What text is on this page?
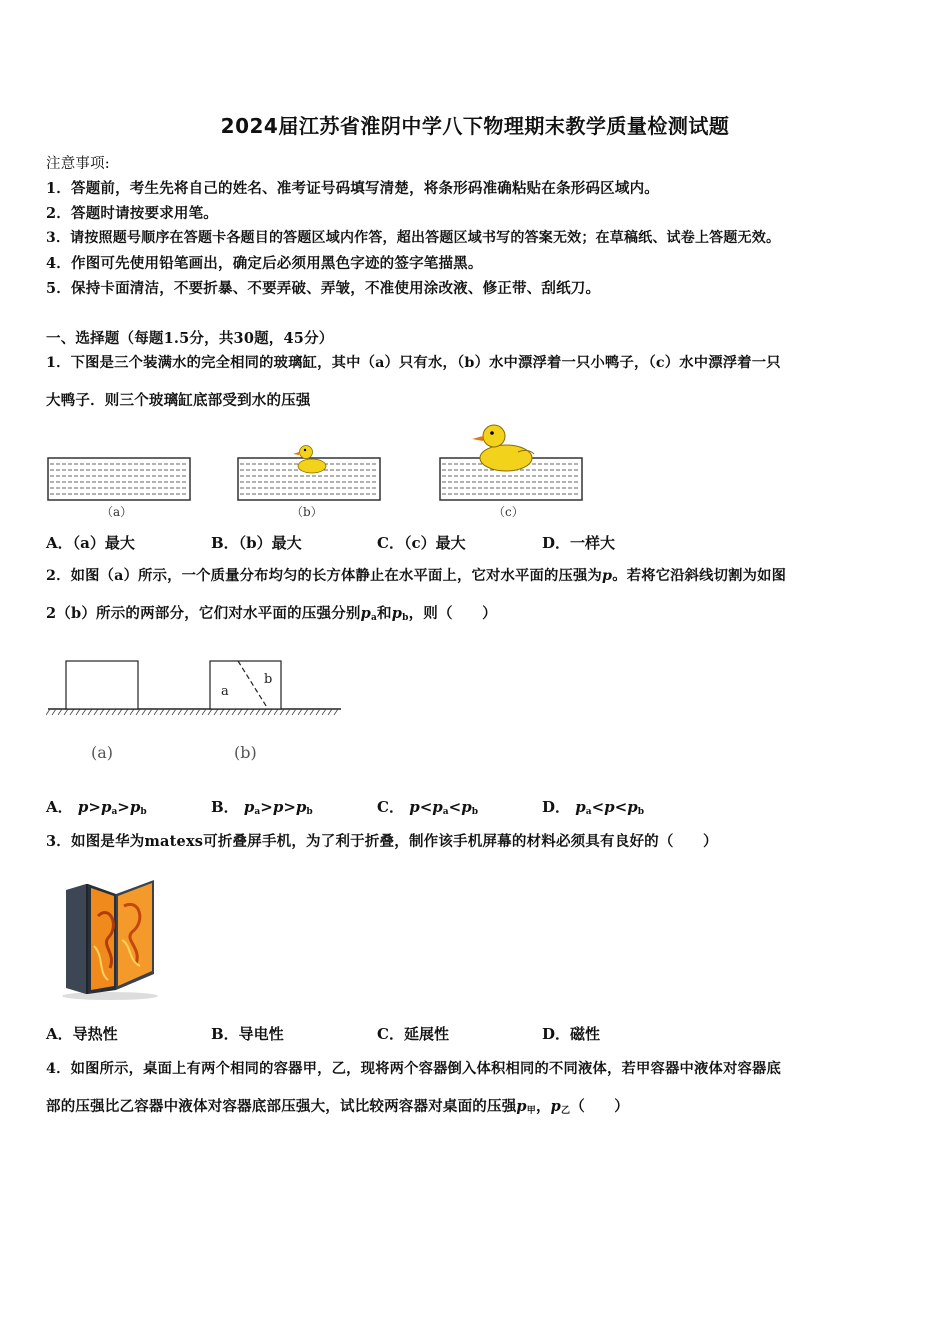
2024届江苏省淮阴中学八下物理期末教学质量检测试题
注意事项:
1．答题前，考生先将自己的姓名、准考证号码填写清楚，将条形码准确粘贴在条形码区域内。
2．答题时请按要求用笔。
3．请按照题号顺序在答题卡各题目的答题区域内作答，超出答题区域书写的答案无效；在草稿纸、试卷上答题无效。
4．作图可先使用铅笔画出，确定后必须用黑色字迹的签字笔描黑。
5．保持卡面清洁，不要折暴、不要弄破、弄皱，不准使用涂改液、修正带、刮纸刀。
一、选择题（每题1.5分，共30题，45分）
1．下图是三个装满水的完全相同的玻璃缸，其中（a）只有水，（b）水中漂浮着一只小鸭子，（c）水中漂浮着一只
大鸭子．则三个玻璃缸底部受到水的压强
（a）	（b）	（c）
A．（a）最大	B．（b）最大	C．（c）最大	D．一样大
2．如图（a）所示，一个质量分布均匀的长方体静止在水平面上，它对水平面的压强为p。若将它沿斜线切割为如图
2（b）所示的两部分，它们对水平面的压强分别$p_a$和$p_b$，则（　　）
a
b
(a)	(b)
A． $p>p_a>p_b$	B． $p_a>p>p_b$	C． $p<p_a<p_b$	D． $p_a<p<p_b$
3．如图是华为matexs可折叠屏手机，为了利于折叠，制作该手机屏幕的材料必须具有良好的（　　）
A．导热性	B．导电性	C．延展性	D．磁性
4．如图所示，桌面上有两个相同的容器甲，乙，现将两个容器倒入体积相同的不同液体，若甲容器中液体对容器底
部的压强比乙容器中液体对容器底部压强大，试比较两容器对桌面的压强$p_甲$，$p_乙$（　　）
